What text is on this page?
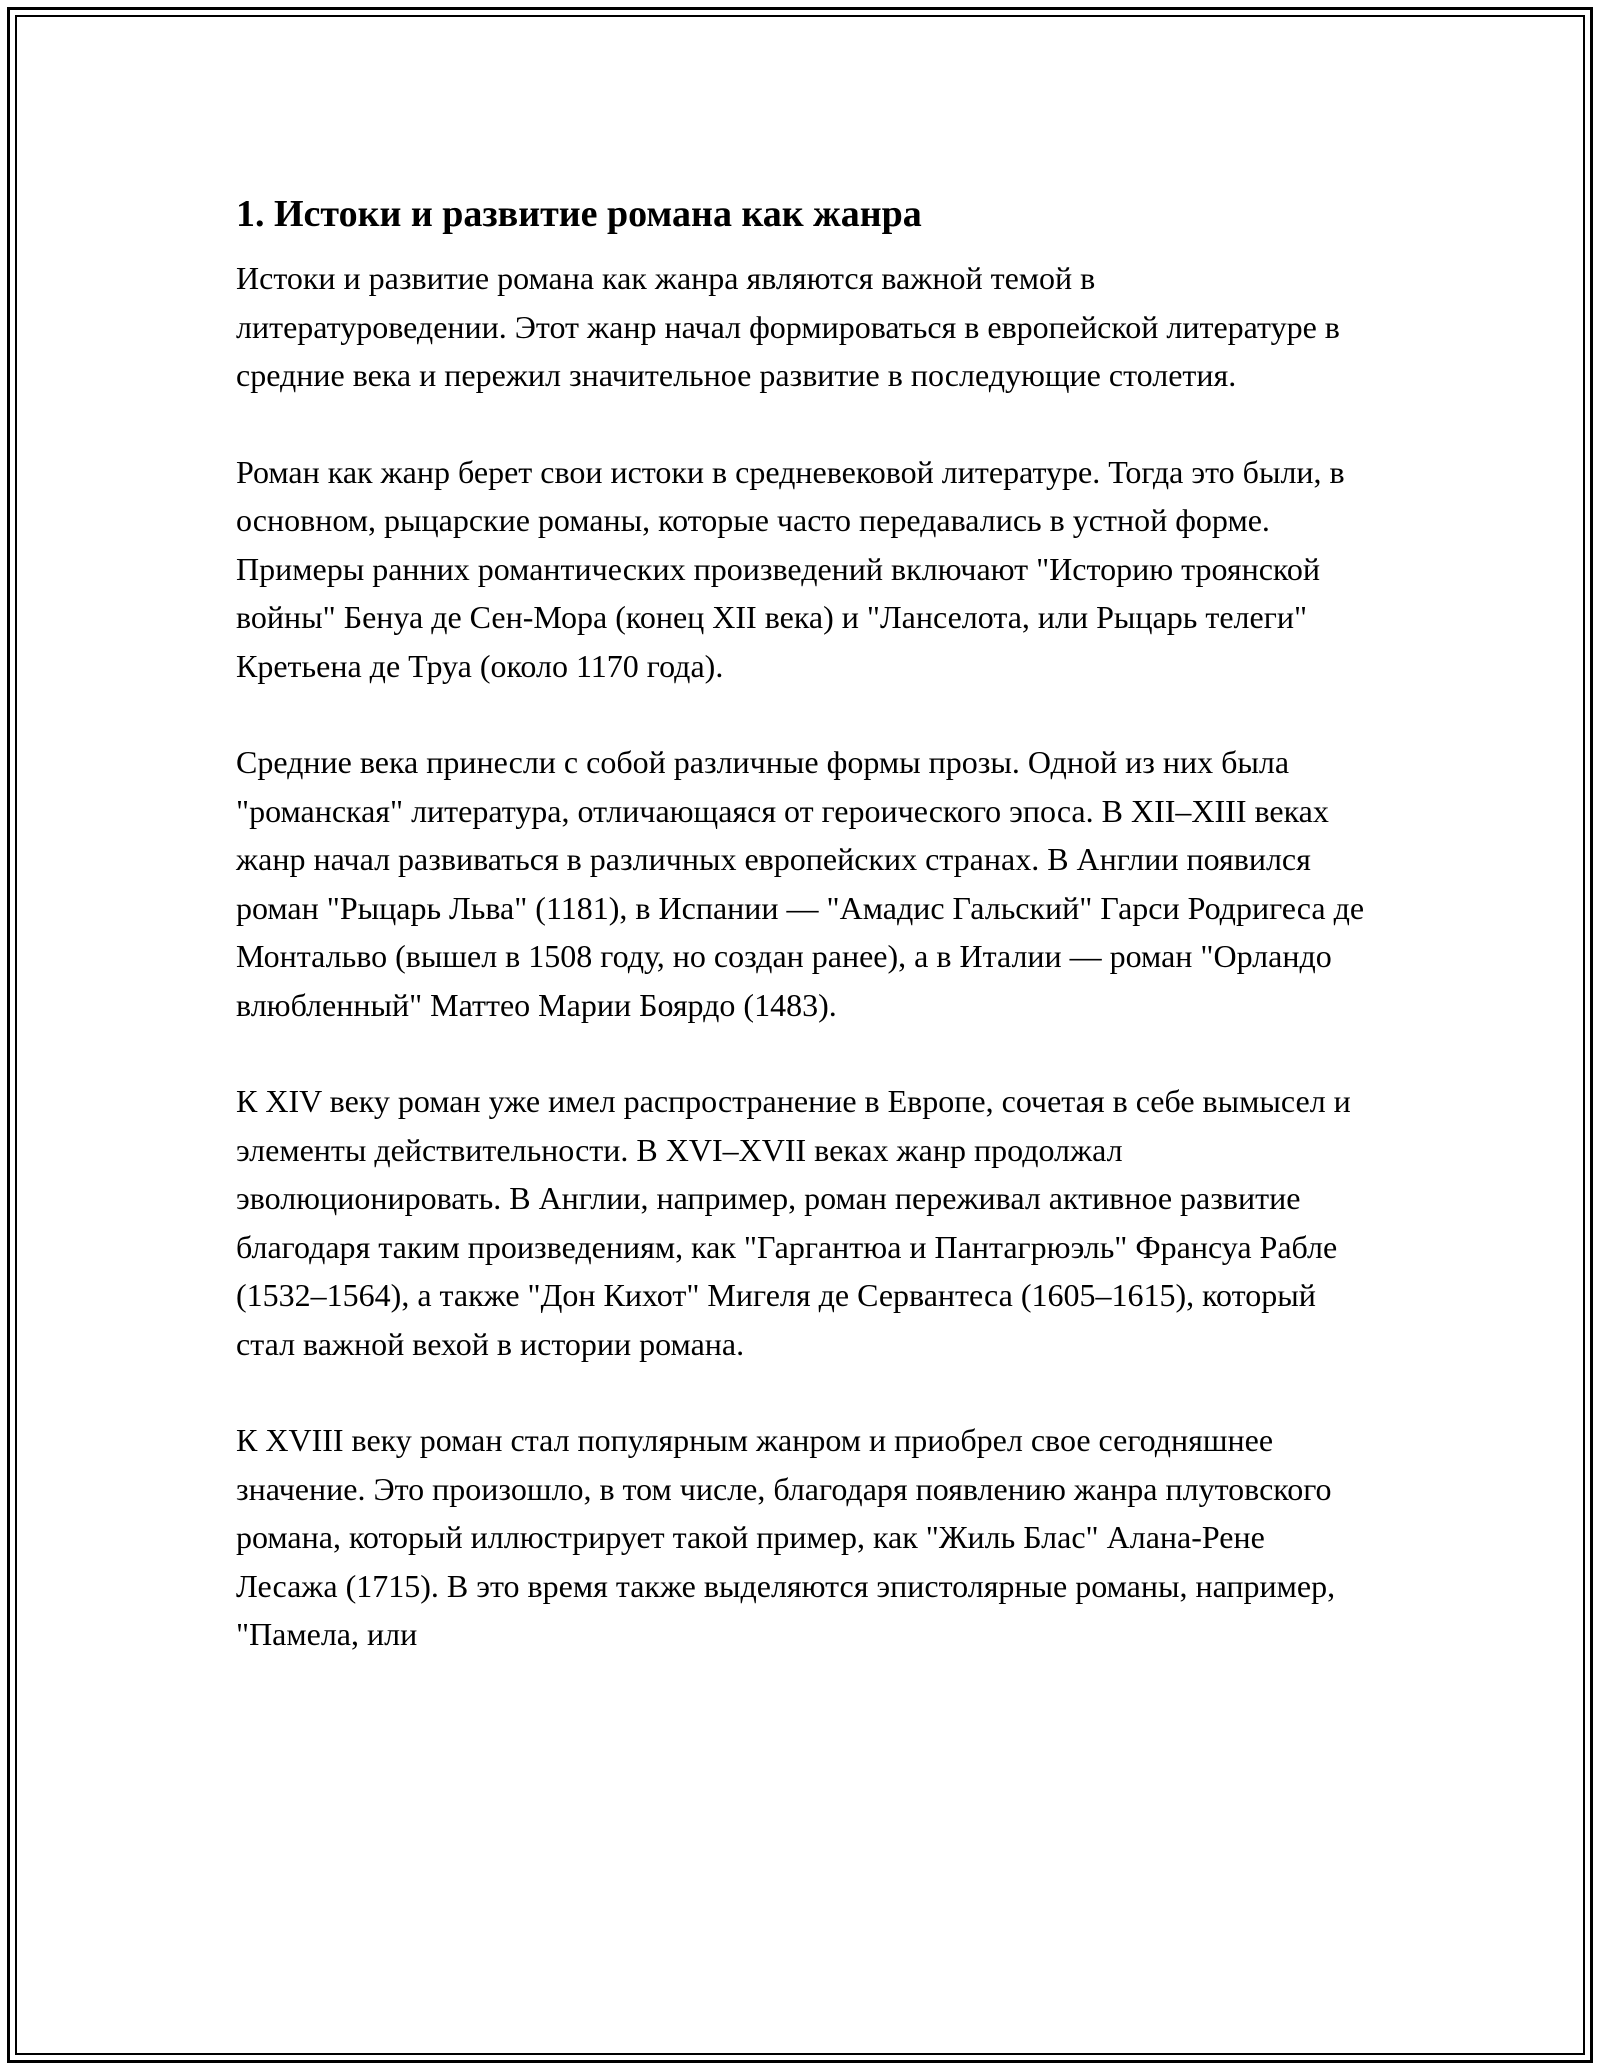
1. Истоки и развитие романа как жанра

Истоки и развитие романа как жанра являются важной темой в литературоведении. Этот жанр начал формироваться в европейской литературе в средние века и пережил значительное развитие в последующие столетия.

Роман как жанр берет свои истоки в средневековой литературе. Тогда это были, в основном, рыцарские романы, которые часто передавались в устной форме. Примеры ранних романтических произведений включают "Историю троянской войны" Бенуа де Сен-Мора (конец XII века) и "Ланселота, или Рыцарь телеги" Кретьена де Труа (около 1170 года).

Средние века принесли с собой различные формы прозы. Одной из них была "романская" литература, отличающаяся от героического эпоса. В XII–XIII веках жанр начал развиваться в различных европейских странах. В Англии появился роман "Рыцарь Льва" (1181), в Испании — "Амадис Гальский" Гарси Родригеса де Монтальво (вышел в 1508 году, но создан ранее), а в Италии — роман "Орландо влюбленный" Маттео Марии Боярдо (1483).

К XIV веку роман уже имел распространение в Европе, сочетая в себе вымысел и элементы действительности. В XVI–XVII веках жанр продолжал эволюционировать. В Англии, например, роман переживал активное развитие благодаря таким произведениям, как "Гаргантюа и Пантагрюэль" Франсуа Рабле (1532–1564), а также "Дон Кихот" Мигеля де Сервантеса (1605–1615), который стал важной вехой в истории романа.

К XVIII веку роман стал популярным жанром и приобрел свое сегодняшнее значение. Это произошло, в том числе, благодаря появлению жанра плутовского романа, который иллюстрирует такой пример, как "Жиль Блас" Алана-Рене Лесажа (1715). В это время также выделяются эпистолярные романы, например, "Памела, или
